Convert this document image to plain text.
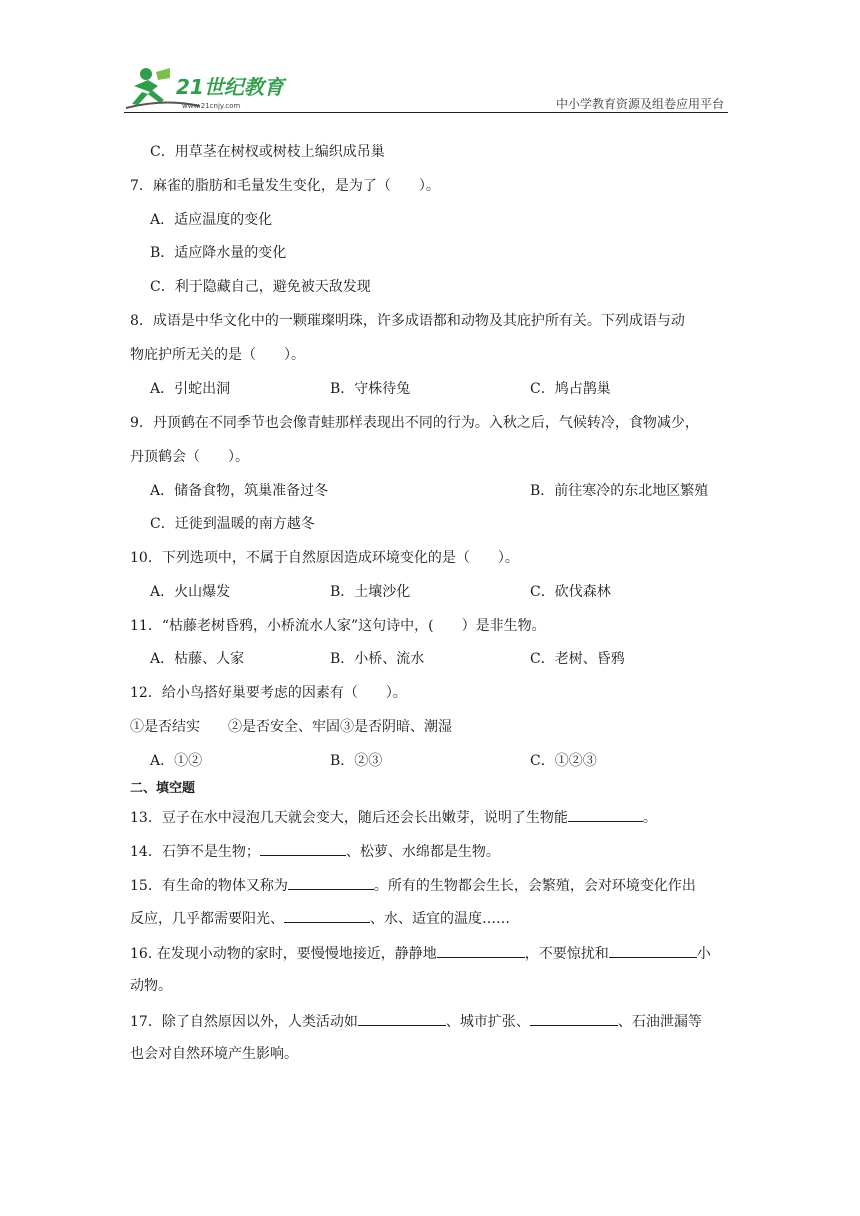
21世纪教育
www.21cnjy.com	中小学教育资源及组卷应用平台
C．用草茎在树杈或树枝上编织成吊巢
7．麻雀的脂肪和毛量发生变化，是为了（　　）。
A．适应温度的变化
B．适应降水量的变化
C．利于隐藏自己，避免被天敌发现
8．成语是中华文化中的一颗璀璨明珠，许多成语都和动物及其庇护所有关。下列成语与动
物庇护所无关的是（　　）。
A．引蛇出洞	B．守株待兔	C．鸠占鹊巢
9．丹顶鹤在不同季节也会像青蛙那样表现出不同的行为。入秋之后，气候转冷，食物减少，
丹顶鹤会（　　）。
A．储备食物，筑巢准备过冬	B．前往寒冷的东北地区繁殖
C．迁徙到温暖的南方越冬
10．下列选项中，不属于自然原因造成环境变化的是（　　）。
A．火山爆发	B．土壤沙化	C．砍伐森林
11．“枯藤老树昏鸦，小桥流水人家”这句诗中，(　　）是非生物。
A．枯藤、人家	B．小桥、流水	C．老树、昏鸦
12．给小鸟搭好巢要考虑的因素有（　　）。
①是否结实　　②是否安全、牢固③是否阴暗、潮湿
A．①②	B．②③	C．①②③
二、填空题
13．豆子在水中浸泡几天就会变大，随后还会长出嫩芽，说明了生物能	。
14．石笋不是生物；	、松萝、水绵都是生物。
15．有生命的物体又称为	。所有的生物都会生长，会繁殖，会对环境变化作出
反应，几乎都需要阳光、	、水、适宜的温度……
16. 在发现小动物的家时，要慢慢地接近，静静地	，不要惊扰和	小
动物。
17．除了自然原因以外，人类活动如	、城市扩张、	、石油泄漏等
也会对自然环境产生影响。
